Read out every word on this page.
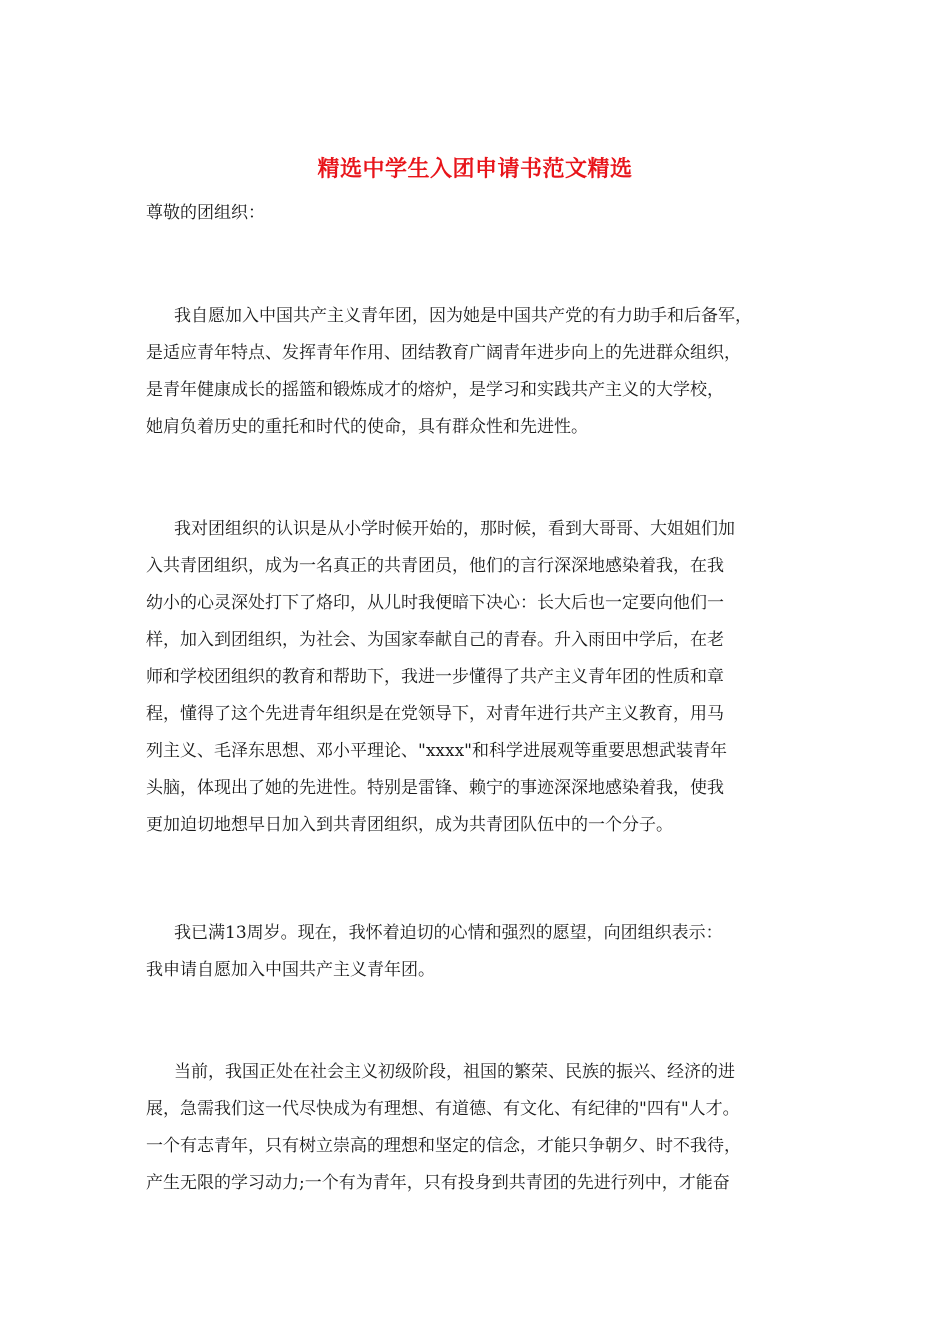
精选中学生入团申请书范文精选
尊敬的团组织：
我自愿加入中国共产主义青年团，因为她是中国共产党的有力助手和后备军，
是适应青年特点、发挥青年作用、团结教育广阔青年进步向上的先进群众组织，
是青年健康成长的摇篮和锻炼成才的熔炉，是学习和实践共产主义的大学校，
她肩负着历史的重托和时代的使命，具有群众性和先进性。
我对团组织的认识是从小学时候开始的，那时候，看到大哥哥、大姐姐们加
入共青团组织，成为一名真正的共青团员，他们的言行深深地感染着我，在我
幼小的心灵深处打下了烙印，从儿时我便暗下决心：长大后也一定要向他们一
样，加入到团组织，为社会、为国家奉献自己的青春。升入雨田中学后，在老
师和学校团组织的教育和帮助下，我进一步懂得了共产主义青年团的性质和章
程，懂得了这个先进青年组织是在党领导下，对青年进行共产主义教育，用马
列主义、毛泽东思想、邓小平理论、"xxxx"和科学进展观等重要思想武装青年
头脑，体现出了她的先进性。特别是雷锋、赖宁的事迹深深地感染着我，使我
更加迫切地想早日加入到共青团组织，成为共青团队伍中的一个分子。
我已满13周岁。现在，我怀着迫切的心情和强烈的愿望，向团组织表示：
我申请自愿加入中国共产主义青年团。
当前，我国正处在社会主义初级阶段，祖国的繁荣、民族的振兴、经济的进
展，急需我们这一代尽快成为有理想、有道德、有文化、有纪律的"四有"人才。
一个有志青年，只有树立崇高的理想和坚定的信念，才能只争朝夕、时不我待，
产生无限的学习动力;一个有为青年，只有投身到共青团的先进行列中，才能奋
